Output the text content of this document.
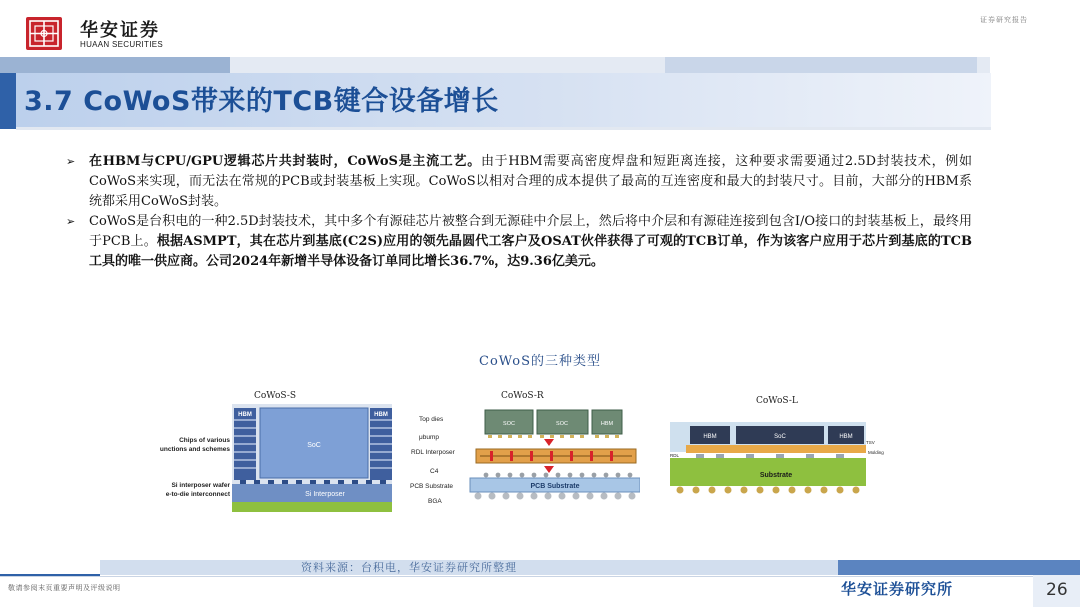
华安证券
HUAAN SECURITIES
证券研究报告
3.7 CoWoS带来的TCB键合设备增长
➢ 在HBM与CPU/GPU逻辑芯片共封装时，CoWoS是主流工艺。由于HBM需要高密度焊盘和短距离连接，这种要求需要通过2.5D封装技术，例如CoWoS来实现，而无法在常规的PCB或封装基板上实现。CoWoS以相对合理的成本提供了最高的互连密度和最大的封装尺寸。目前，大部分的HBM系统都采用CoWoS封装。
➢ CoWoS是台积电的一种2.5D封装技术，其中多个有源硅芯片被整合到无源硅中介层上，然后将中介层和有源硅连接到包含I/O接口的封装基板上，最终用于PCB上。根据ASMPT，其在芯片到基底(C2S)应用的领先晶圆代工客户及OSAT伙伴获得了可观的TCB订单，作为该客户应用于芯片到基底的TCB工具的唯一供应商。公司2024年新增半导体设备订单同比增长36.7%，达9.36亿美元。
CoWoS的三种类型
CoWoS-S
HBM
SoC
HBM
Si Interposer
Chips of various
unctions and schemes
Si interposer wafer
e-to-die interconnect
CoWoS-R
SOC	SOC	HBM
PCB Substrate
Top dies
μbump
RDL Interposer
C4
PCB Substrate
BGA
CoWoS-L
HBM	SoC	HBM
Substrate
RDL
TSV
Molding
资料来源：台积电，华安证券研究所整理
敬请参阅末页重要声明及评级说明	华安证券研究所	26
